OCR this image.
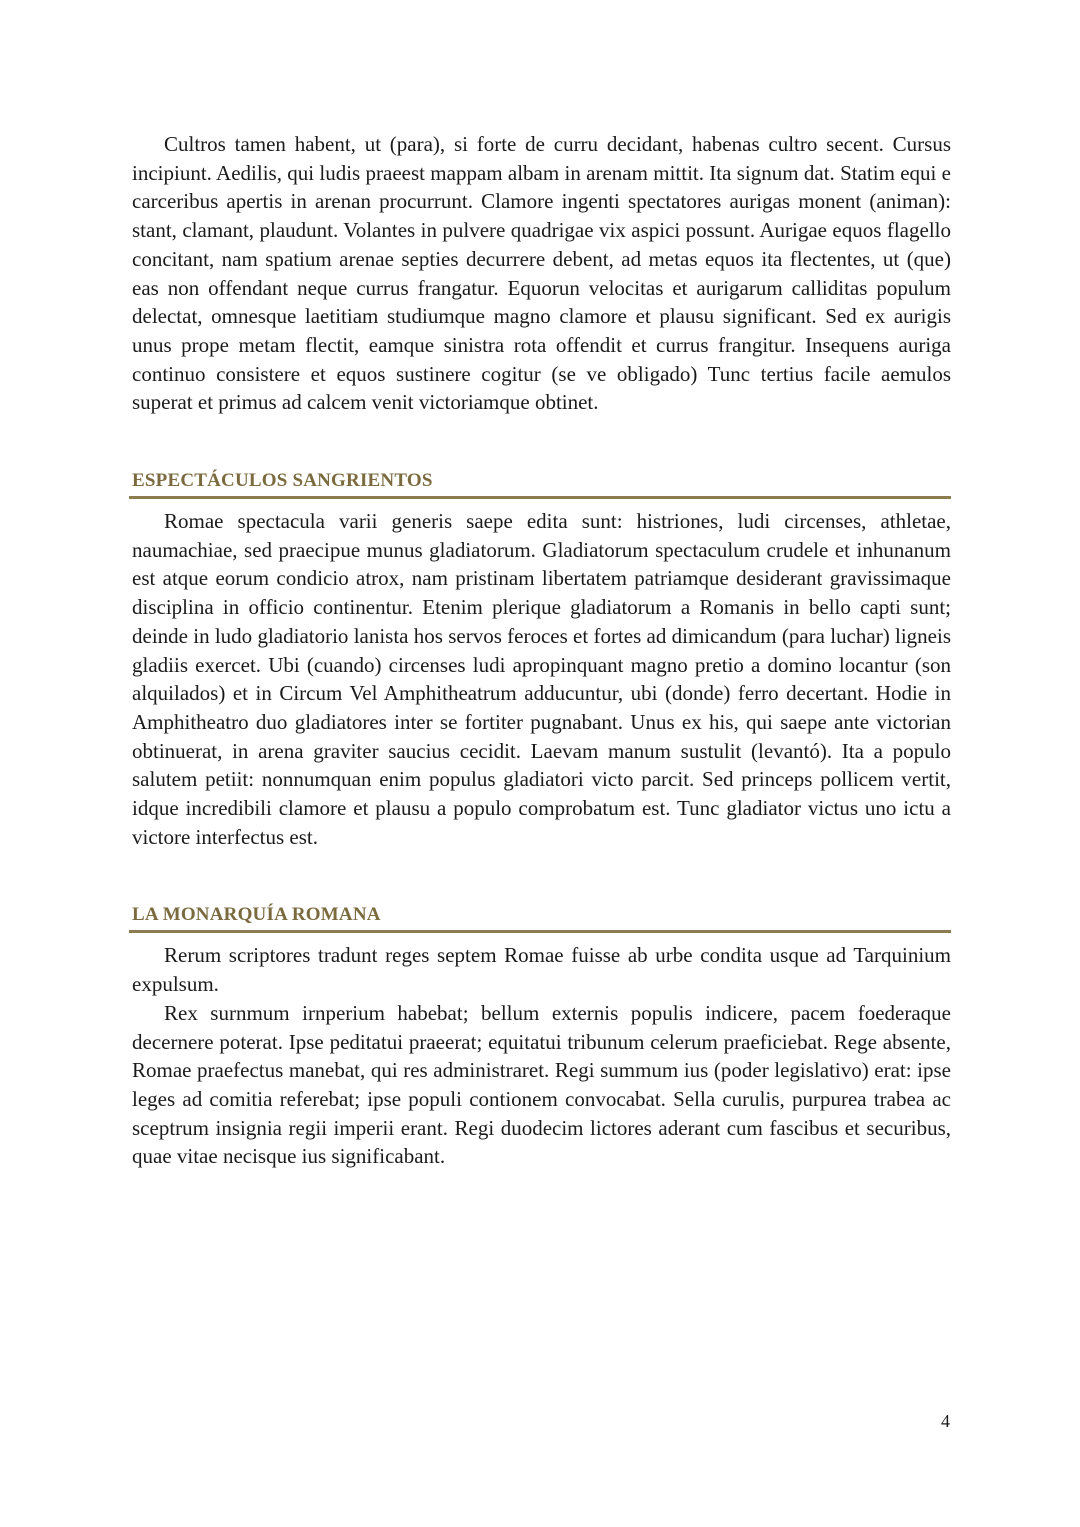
Cultros tamen habent, ut (para), si forte de curru decidant, habenas cultro secent. Cursus incipiunt. Aedilis, qui ludis praeest mappam albam in arenam mittit. Ita signum dat. Statim equi e carceribus apertis in arenan procurrunt. Clamore ingenti spectatores aurigas monent (animan): stant, clamant, plaudunt. Volantes in pulvere quadrigae vix aspici possunt. Aurigae equos flagello concitant, nam spatium arenae septies decurrere debent, ad metas equos ita flectentes, ut (que) eas non offendant neque currus frangatur. Equorun velocitas et aurigarum calliditas populum delectat, omnesque laetitiam studiumque magno clamore et plausu significant. Sed ex aurigis unus prope metam flectit, eamque sinistra rota offendit et currus frangitur. Insequens auriga continuo consistere et equos sustinere cogitur (se ve obligado) Tunc tertius facile aemulos superat et primus ad calcem venit victoriamque obtinet.

ESPECTÁCULOS SANGRIENTOS

Romae spectacula varii generis saepe edita sunt: histriones, ludi circenses, athletae, naumachiae, sed praecipue munus gladiatorum. Gladiatorum spectaculum crudele et inhunanum est atque eorum condicio atrox, nam pristinam libertatem patriamque desiderant gravissimaque disciplina in officio continentur. Etenim plerique gladiatorum a Romanis in bello capti sunt; deinde in ludo gladiatorio lanista hos servos feroces et fortes ad dimicandum (para luchar) ligneis gladiis exercet. Ubi (cuando) circenses ludi apropinquant magno pretio a domino locantur (son alquilados) et in Circum Vel Amphitheatrum adducuntur, ubi (donde) ferro decertant. Hodie in Amphitheatro duo gladiatores inter se fortiter pugnabant. Unus ex his, qui saepe ante victorian obtinuerat, in arena graviter saucius cecidit. Laevam manum sustulit (levantó). Ita a populo salutem petiit: nonnumquan enim populus gladiatori victo parcit. Sed princeps pollicem vertit, idque incredibili clamore et plausu a populo comprobatum est. Tunc gladiator victus uno ictu a victore interfectus est.

LA MONARQUÍA ROMANA

Rerum scriptores tradunt reges septem Romae fuisse ab urbe condita usque ad Tarquinium expulsum.

Rex surnmum irnperium habebat; bellum externis populis indicere, pacem foederaque decernere poterat. Ipse peditatui praeerat; equitatui tribunum celerum praeficiebat. Rege absente, Romae praefectus manebat, qui res administraret. Regi summum ius (poder legislativo) erat: ipse leges ad comitia referebat; ipse populi contionem convocabat. Sella curulis, purpurea trabea ac sceptrum insignia regii imperii erant. Regi duodecim lictores aderant cum fascibus et securibus, quae vitae necisque ius significabant.

4
